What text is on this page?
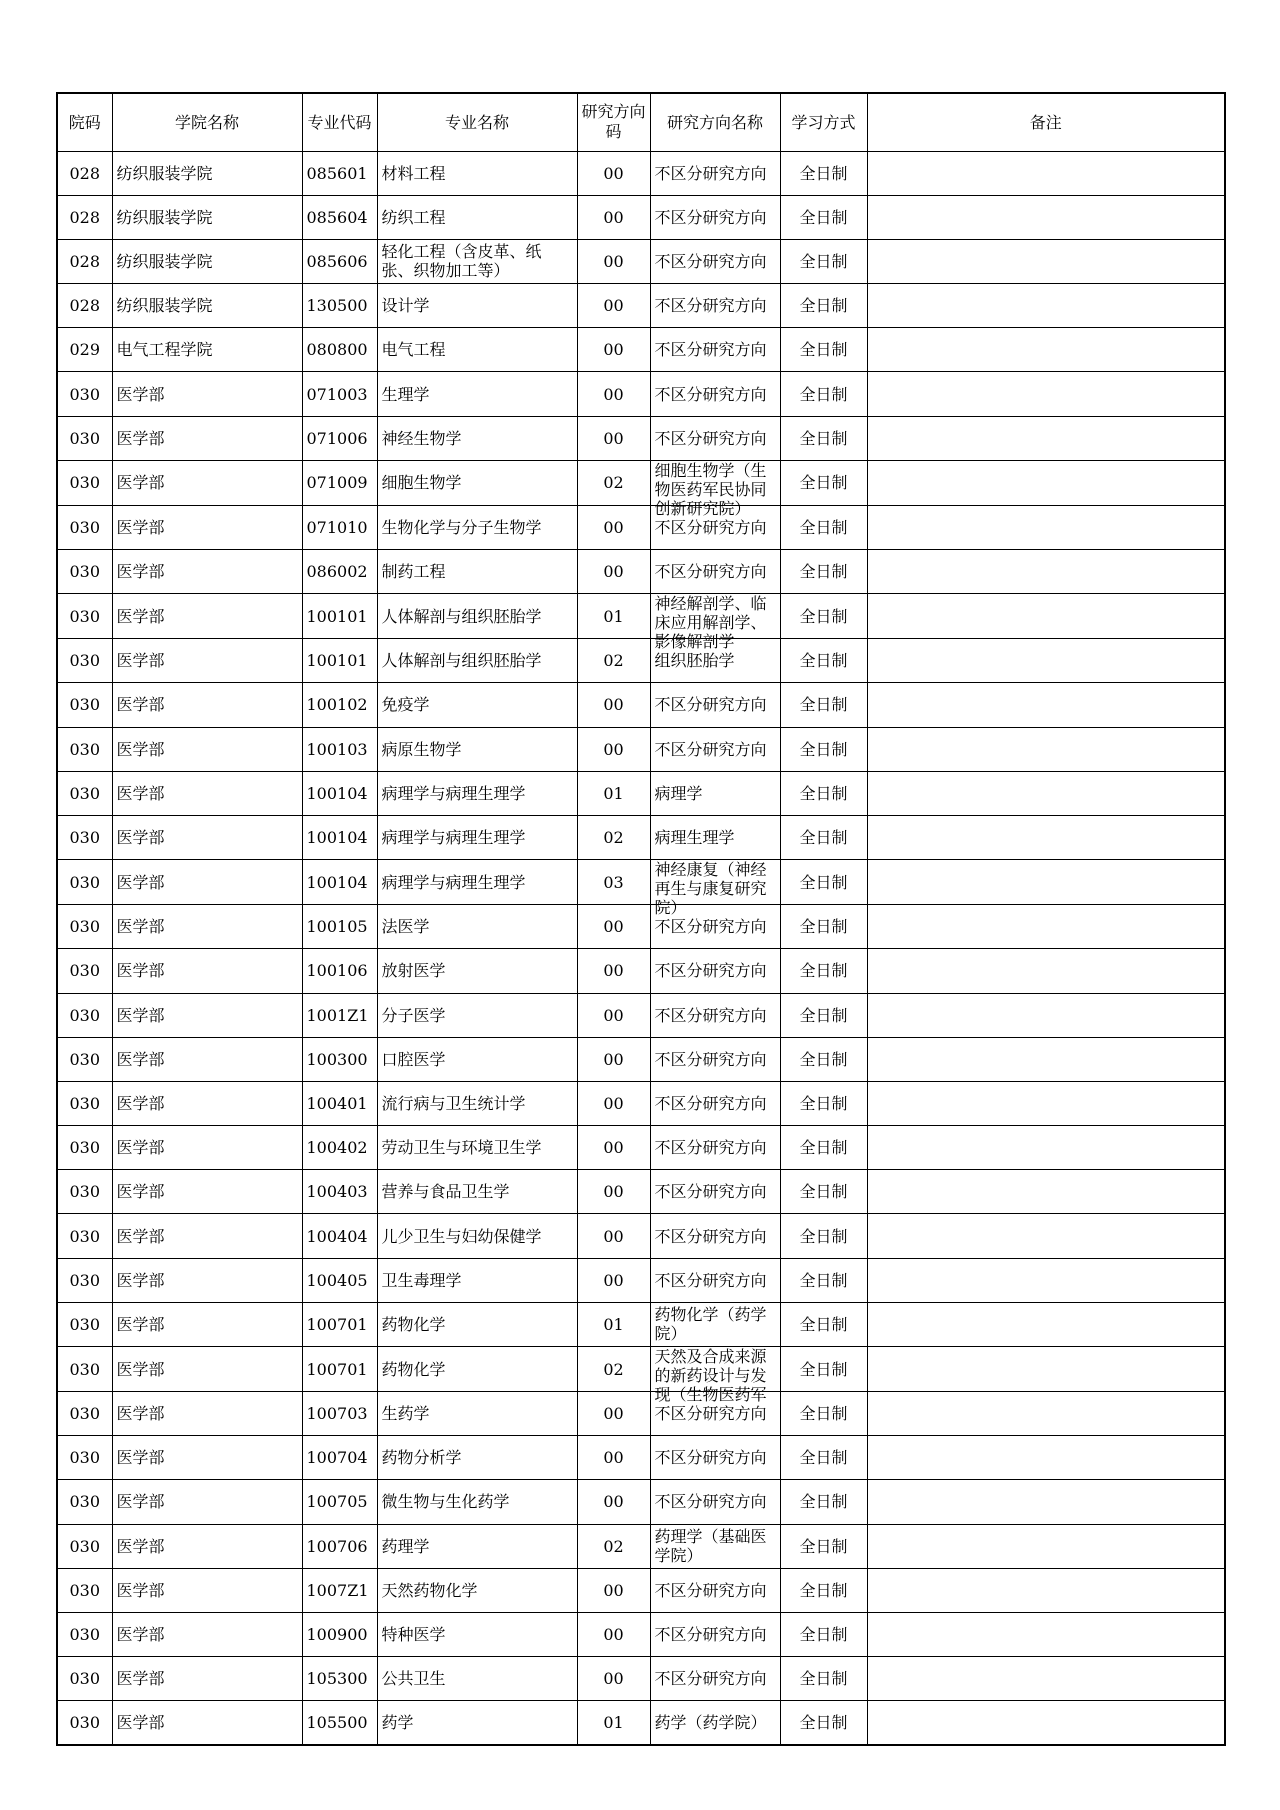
院码	学院名称	专业代码	专业名称	研究方向码	研究方向名称	学习方式	备注
028	纺织服装学院	085601	材料工程	00	不区分研究方向	全日制	
028	纺织服装学院	085604	纺织工程	00	不区分研究方向	全日制	
028	纺织服装学院	085606	轻化工程（含皮革、纸张、织物加工等）	00	不区分研究方向	全日制	
028	纺织服装学院	130500	设计学	00	不区分研究方向	全日制	
029	电气工程学院	080800	电气工程	00	不区分研究方向	全日制	
030	医学部	071003	生理学	00	不区分研究方向	全日制	
030	医学部	071006	神经生物学	00	不区分研究方向	全日制	
030	医学部	071009	细胞生物学	02	细胞生物学（生物医药军民协同创新研究院）	全日制	
030	医学部	071010	生物化学与分子生物学	00	不区分研究方向	全日制	
030	医学部	086002	制药工程	00	不区分研究方向	全日制	
030	医学部	100101	人体解剖与组织胚胎学	01	神经解剖学、临床应用解剖学、影像解剖学	全日制	
030	医学部	100101	人体解剖与组织胚胎学	02	组织胚胎学	全日制	
030	医学部	100102	免疫学	00	不区分研究方向	全日制	
030	医学部	100103	病原生物学	00	不区分研究方向	全日制	
030	医学部	100104	病理学与病理生理学	01	病理学	全日制	
030	医学部	100104	病理学与病理生理学	02	病理生理学	全日制	
030	医学部	100104	病理学与病理生理学	03	神经康复（神经再生与康复研究院）	全日制	
030	医学部	100105	法医学	00	不区分研究方向	全日制	
030	医学部	100106	放射医学	00	不区分研究方向	全日制	
030	医学部	1001Z1	分子医学	00	不区分研究方向	全日制	
030	医学部	100300	口腔医学	00	不区分研究方向	全日制	
030	医学部	100401	流行病与卫生统计学	00	不区分研究方向	全日制	
030	医学部	100402	劳动卫生与环境卫生学	00	不区分研究方向	全日制	
030	医学部	100403	营养与食品卫生学	00	不区分研究方向	全日制	
030	医学部	100404	儿少卫生与妇幼保健学	00	不区分研究方向	全日制	
030	医学部	100405	卫生毒理学	00	不区分研究方向	全日制	
030	医学部	100701	药物化学	01	药物化学（药学院）	全日制	
030	医学部	100701	药物化学	02	天然及合成来源的新药设计与发现（生物医药军	全日制	
030	医学部	100703	生药学	00	不区分研究方向	全日制	
030	医学部	100704	药物分析学	00	不区分研究方向	全日制	
030	医学部	100705	微生物与生化药学	00	不区分研究方向	全日制	
030	医学部	100706	药理学	02	药理学（基础医学院）	全日制	
030	医学部	1007Z1	天然药物化学	00	不区分研究方向	全日制	
030	医学部	100900	特种医学	00	不区分研究方向	全日制	
030	医学部	105300	公共卫生	00	不区分研究方向	全日制	
030	医学部	105500	药学	01	药学（药学院）	全日制	
